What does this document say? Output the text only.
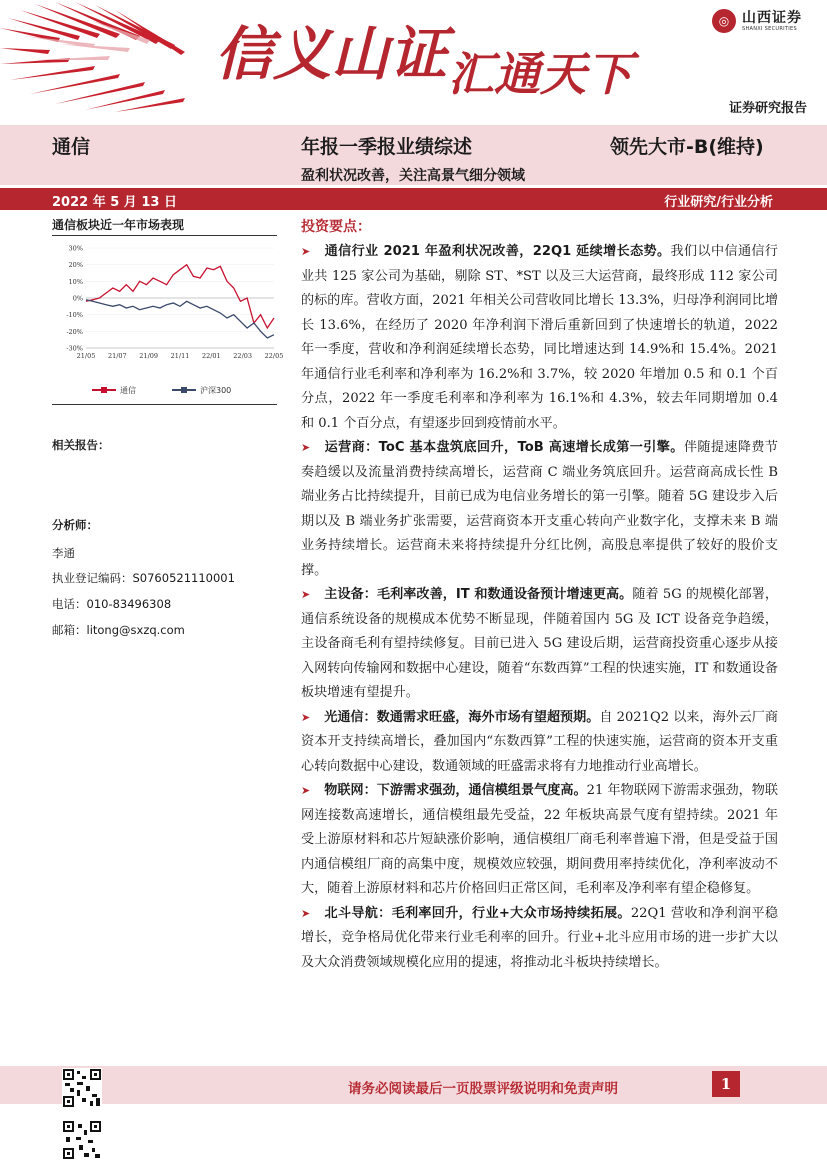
信义山证 汇通天下
◎ 山西证券
SHANXI SECURITIES
证券研究报告
通信	年报一季报业绩综述	领先大市-B(维持)
盈利状况改善，关注高景气细分领域
2022 年 5 月 13 日	行业研究/行业分析
通信板块近一年市场表现
30%
20%
10%
0%
-10%
-20%
-30%
21/05 21/07 21/09 21/11 22/01 22/03 22/05
通信	沪深300
相关报告：
分析师：
李通
执业登记编码：S0760521110001
电话：010-83496308
邮箱：litong@sxzq.com
投资要点：

➤ 通信行业 2021 年盈利状况改善，22Q1 延续增长态势。我们以中信通信行业共 125 家公司为基础，剔除 ST、*ST 以及三大运营商，最终形成 112 家公司的标的库。营收方面，2021 年相关公司营收同比增长 13.3%，归母净利润同比增长 13.6%，在经历了 2020 年净利润下滑后重新回到了快速增长的轨道，2022 年一季度，营收和净利润延续增长态势，同比增速达到 14.9%和 15.4%。2021 年通信行业毛利率和净利率为 16.2%和 3.7%，较 2020 年增加 0.5 和 0.1 个百分点，2022 年一季度毛利率和净利率为 16.1%和 4.3%，较去年同期增加 0.4 和 0.1 个百分点，有望逐步回到疫情前水平。

➤ 运营商：ToC 基本盘筑底回升，ToB 高速增长成第一引擎。伴随提速降费节奏趋缓以及流量消费持续高增长，运营商 C 端业务筑底回升。运营商高成长性 B 端业务占比持续提升，目前已成为电信业务增长的第一引擎。随着 5G 建设步入后期以及 B 端业务扩张需要，运营商资本开支重心转向产业数字化，支撑未来 B 端业务持续增长。运营商未来将持续提升分红比例，高股息率提供了较好的股价支撑。

➤ 主设备：毛利率改善，IT 和数通设备预计增速更高。随着 5G 的规模化部署，通信系统设备的规模成本优势不断显现，伴随着国内 5G 及 ICT 设备竞争趋缓，主设备商毛利有望持续修复。目前已进入 5G 建设后期，运营商投资重心逐步从接入网转向传输网和数据中心建设，随着“东数西算”工程的快速实施，IT 和数通设备板块增速有望提升。

➤ 光通信：数通需求旺盛，海外市场有望超预期。自 2021Q2 以来，海外云厂商资本开支持续高增长，叠加国内“东数西算”工程的快速实施，运营商的资本开支重心转向数据中心建设，数通领域的旺盛需求将有力地推动行业高增长。

➤ 物联网：下游需求强劲，通信模组景气度高。21 年物联网下游需求强劲，物联网连接数高速增长，通信模组最先受益，22 年板块高景气度有望持续。2021 年受上游原材料和芯片短缺涨价影响，通信模组厂商毛利率普遍下滑，但是受益于国内通信模组厂商的高集中度，规模效应较强，期间费用率持续优化，净利率波动不大，随着上游原材料和芯片价格回归正常区间，毛利率及净利率有望企稳修复。

➤ 北斗导航：毛利率回升，行业+大众市场持续拓展。22Q1 营收和净利润平稳增长，竞争格局优化带来行业毛利率的回升。行业+北斗应用市场的进一步扩大以及大众消费领域规模化应用的提速，将推动北斗板块持续增长。

请务必阅读最后一页股票评级说明和免责声明	1
